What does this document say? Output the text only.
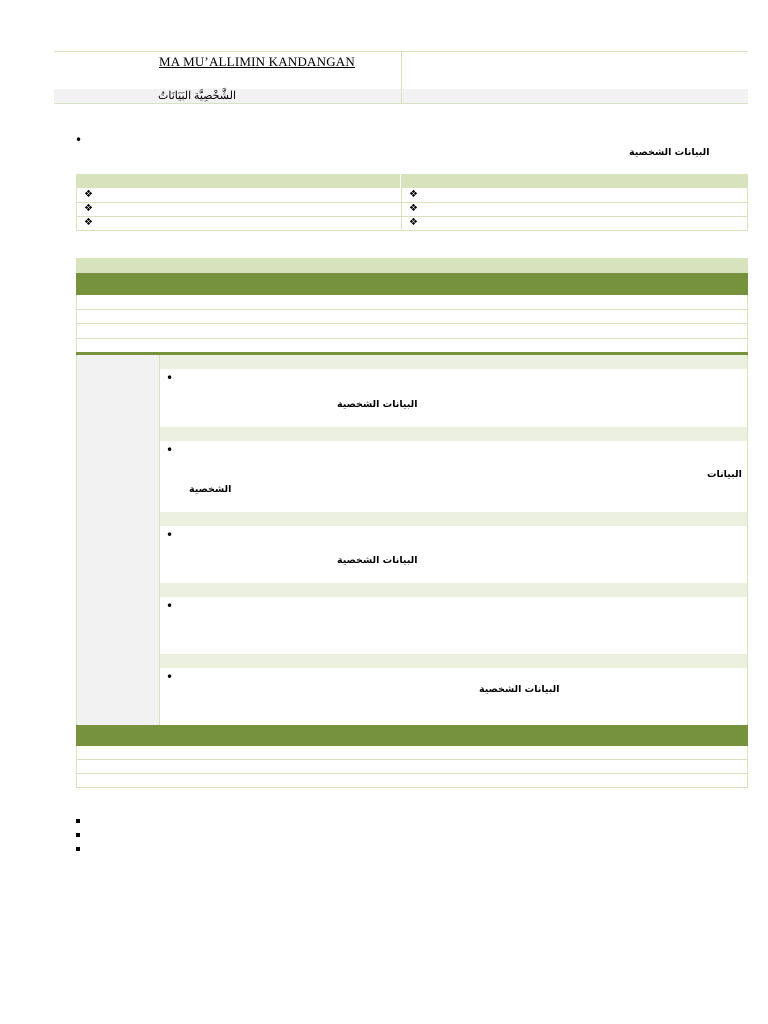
MA MU’ALLIMIN KANDANGAN
الشَّخْصِيَّة البَيَانَاتُ
•
البيانات الشخصية
❖
❖
❖
❖
❖
❖
•
البيانات الشخصية
•
البيانات
الشخصية
•
البيانات الشخصية
•
•
البيانات الشخصية
